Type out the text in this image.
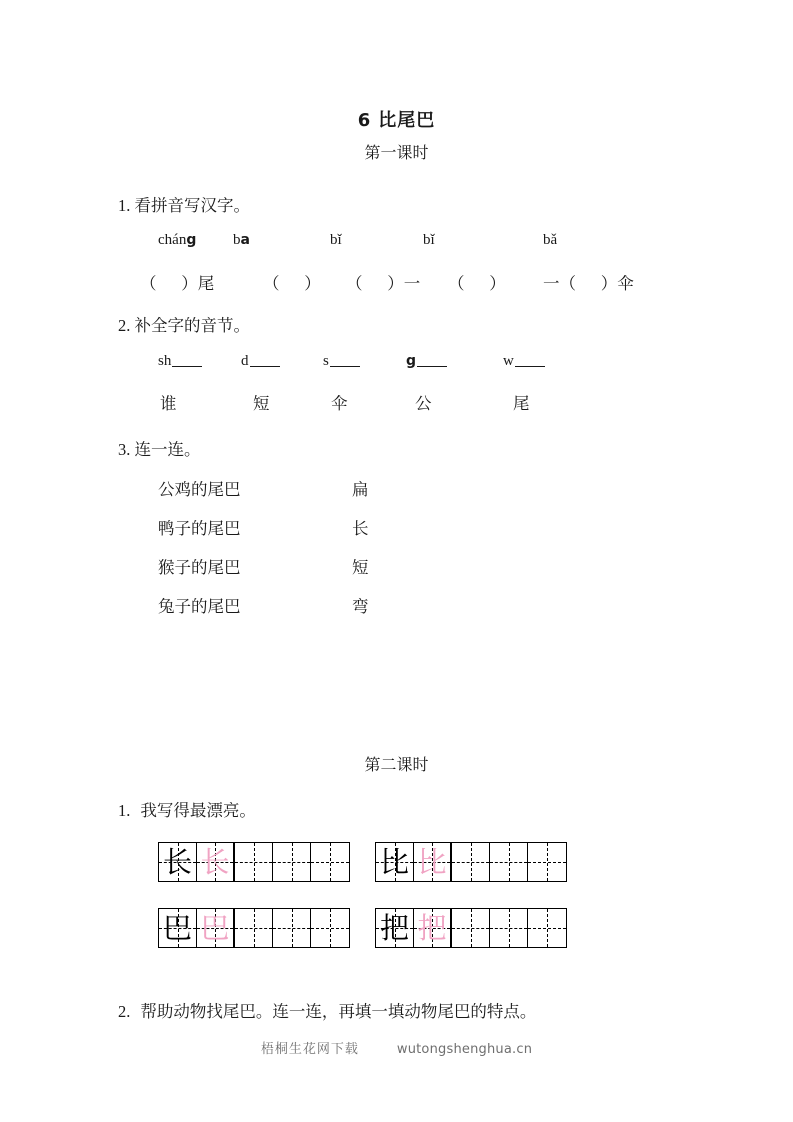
6 比尾巴
第一课时
1. 看拼音写汉字。
cháng ba	bǐ	bǐ	bǎ
（      ）尾	（      ） （      ）一 （      ） 一（      ）伞
2. 补全字的音节。
sh	d	s	g	w
谁	短	伞	公	尾
3. 连一连。
公鸡的尾巴
鸭子的尾巴
猴子的尾巴
兔子的尾巴
扁
长
短
弯
第二课时
1. 我写得最漂亮。
长 长	比 比
巴 巴	把 把
2. 帮助动物找尾巴。连一连，再填一填动物尾巴的特点。
梧桐生花网下载	wutongshenghua.cn
